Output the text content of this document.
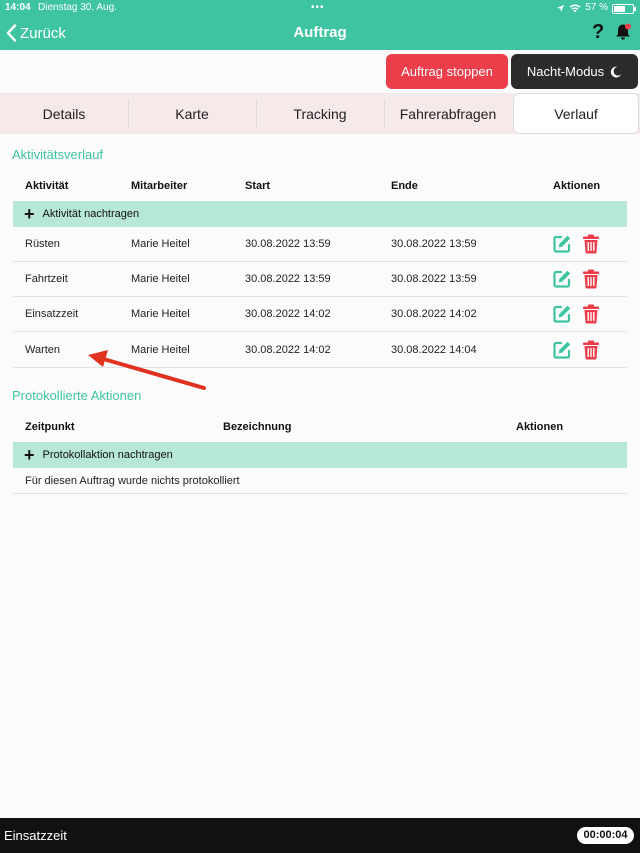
14:04 Dienstag 30. Aug.	•••	57 %
Zurück	Auftrag	?
Auftrag stoppen	Nacht-Modus
Details	Karte	Tracking	Fahrerabfragen	Verlauf
Aktivitätsverlauf
Aktivität	Mitarbeiter	Start	Ende	Aktionen
+ Aktivität nachtragen
Rüsten	Marie Heitel	30.08.2022 13:59	30.08.2022 13:59
Fahrtzeit	Marie Heitel	30.08.2022 13:59	30.08.2022 13:59
Einsatzzeit	Marie Heitel	30.08.2022 14:02	30.08.2022 14:02
Warten	Marie Heitel	30.08.2022 14:02	30.08.2022 14:04
Protokollierte Aktionen
Zeitpunkt	Bezeichnung	Aktionen
+ Protokollaktion nachtragen
Für diesen Auftrag wurde nichts protokolliert
Einsatzzeit	00:00:04
